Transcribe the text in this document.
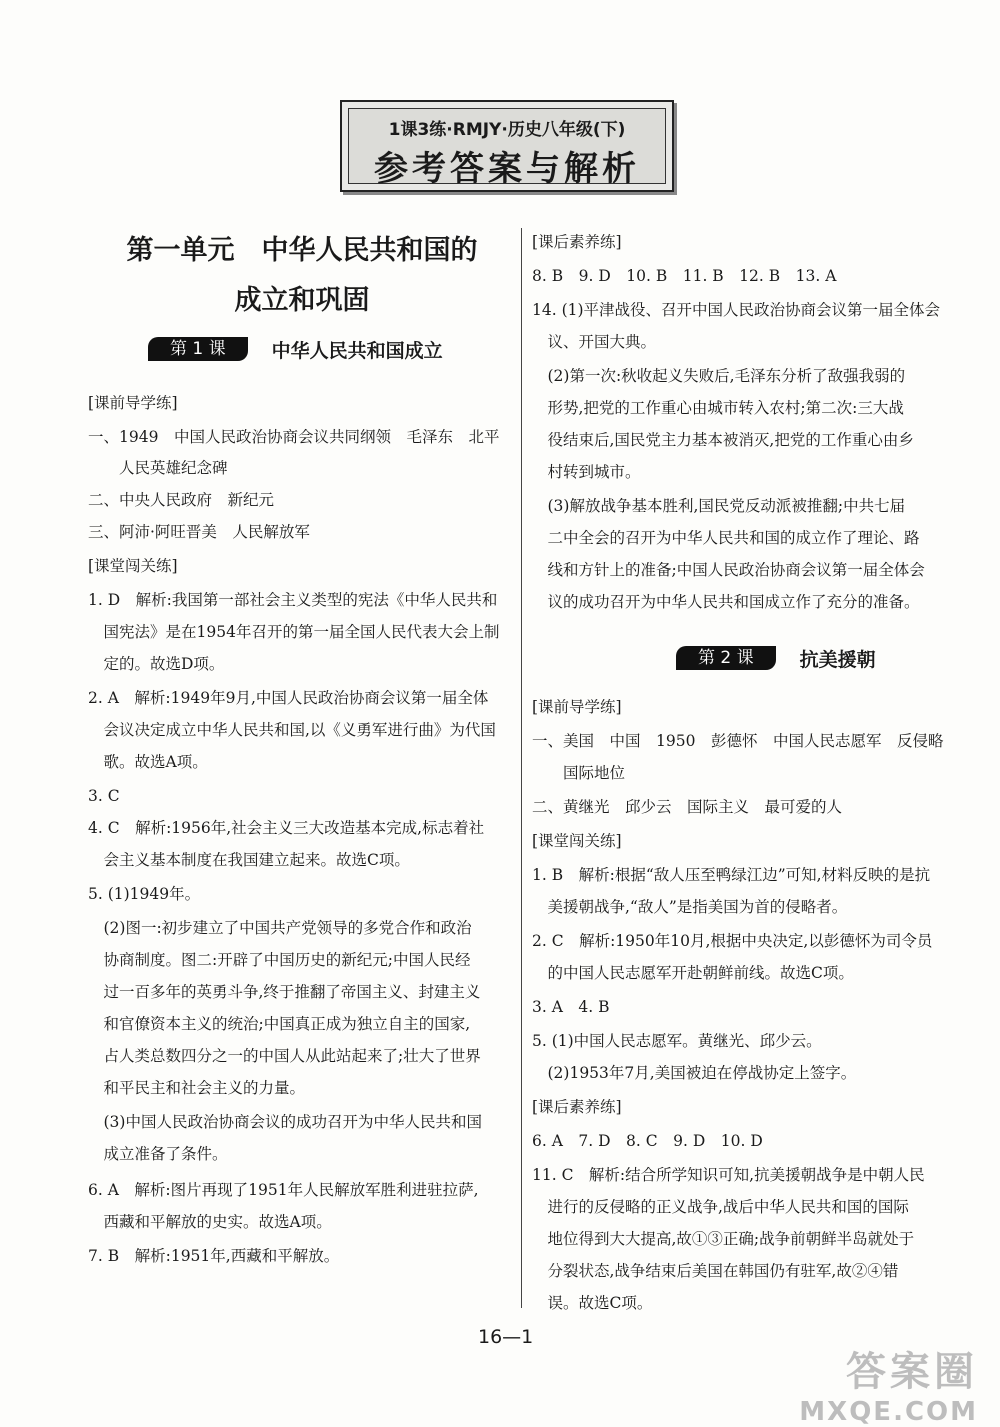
1课3练·RMJY·历史八年级(下)
参考答案与解析
第一单元　中华人民共和国的
成立和巩固
第 1 课	中华人民共和国成立
第 2 课	抗美援朝
[课前导学练]
一、1949　中国人民政治协商会议共同纲领　毛泽东　北平
　　人民英雄纪念碑
二、中央人民政府　新纪元
三、阿沛·阿旺晋美　人民解放军
[课堂闯关练]
1. D　解析:我国第一部社会主义类型的宪法《中华人民共和
　国宪法》是在1954年召开的第一届全国人民代表大会上制
　定的。故选D项。
2. A　解析:1949年9月,中国人民政治协商会议第一届全体
　会议决定成立中华人民共和国,以《义勇军进行曲》为代国
　歌。故选A项。
3. C
4. C　解析:1956年,社会主义三大改造基本完成,标志着社
　会主义基本制度在我国建立起来。故选C项。
5. (1)1949年。
　(2)图一:初步建立了中国共产党领导的多党合作和政治
　协商制度。图二:开辟了中国历史的新纪元;中国人民经
　过一百多年的英勇斗争,终于推翻了帝国主义、封建主义
　和官僚资本主义的统治;中国真正成为独立自主的国家,
　占人类总数四分之一的中国人从此站起来了;壮大了世界
　和平民主和社会主义的力量。
　(3)中国人民政治协商会议的成功召开为中华人民共和国
　成立准备了条件。
6. A　解析:图片再现了1951年人民解放军胜利进驻拉萨,
　西藏和平解放的史实。故选A项。
7. B　解析:1951年,西藏和平解放。
[课后素养练]
8. B　9. D　10. B　11. B　12. B　13. A
14. (1)平津战役、召开中国人民政治协商会议第一届全体会
　议、开国大典。
　(2)第一次:秋收起义失败后,毛泽东分析了敌强我弱的
　形势,把党的工作重心由城市转入农村;第二次:三大战
　役结束后,国民党主力基本被消灭,把党的工作重心由乡
　村转到城市。
　(3)解放战争基本胜利,国民党反动派被推翻;中共七届
　二中全会的召开为中华人民共和国的成立作了理论、路
　线和方针上的准备;中国人民政治协商会议第一届全体会
　议的成功召开为中华人民共和国成立作了充分的准备。
[课前导学练]
一、美国　中国　1950　彭德怀　中国人民志愿军　反侵略
　　国际地位
二、黄继光　邱少云　国际主义　最可爱的人
[课堂闯关练]
1. B　解析:根据“敌人压至鸭绿江边”可知,材料反映的是抗
　美援朝战争,“敌人”是指美国为首的侵略者。
2. C　解析:1950年10月,根据中央决定,以彭德怀为司令员
　的中国人民志愿军开赴朝鲜前线。故选C项。
3. A　4. B
5. (1)中国人民志愿军。黄继光、邱少云。
　(2)1953年7月,美国被迫在停战协定上签字。
[课后素养练]
6. A　7. D　8. C　9. D　10. D
11. C　解析:结合所学知识可知,抗美援朝战争是中朝人民
　进行的反侵略的正义战争,战后中华人民共和国的国际
　地位得到大大提高,故①③正确;战争前朝鲜半岛就处于
　分裂状态,战争结束后美国在韩国仍有驻军,故②④错
　误。故选C项。
16—1
答案圈
MXQE.COM
